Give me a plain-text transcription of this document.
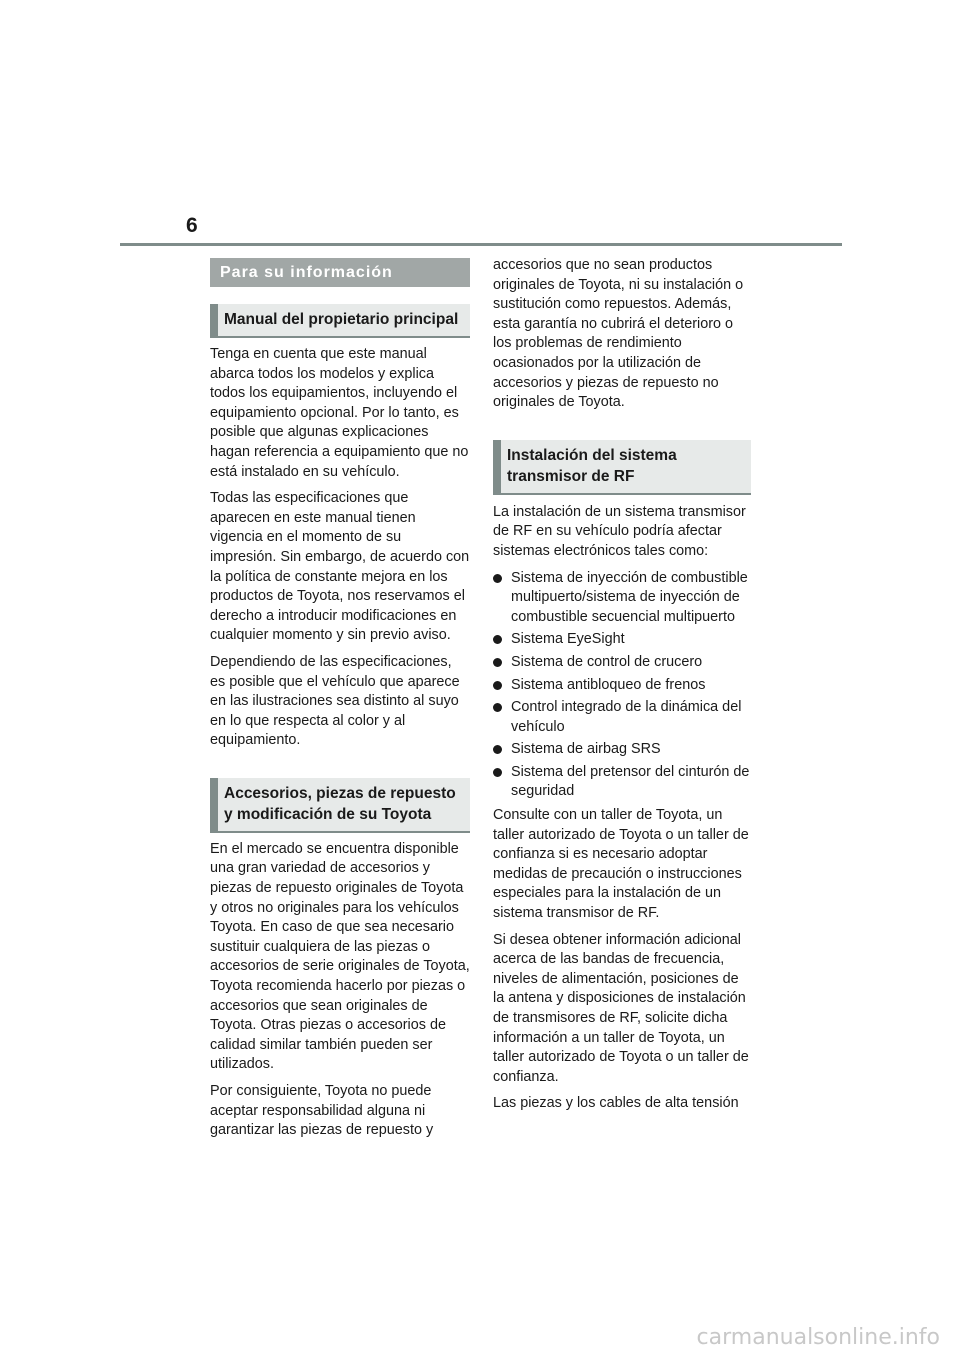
6
Para su información
Manual del propietario principal

Tenga en cuenta que este manual abarca todos los modelos y explica todos los equipamientos, incluyendo el equipamiento opcional. Por lo tanto, es posible que algunas explicaciones hagan referencia a equipamiento que no está instalado en su vehículo.

Todas las especificaciones que aparecen en este manual tienen vigencia en el momento de su impresión. Sin embargo, de acuerdo con la política de constante mejora en los productos de Toyota, nos reservamos el derecho a introducir modificaciones en cualquier momento y sin previo aviso.

Dependiendo de las especificaciones, es posible que el vehículo que aparece en las ilustraciones sea distinto al suyo en lo que respecta al color y al equipamiento.

Accesorios, piezas de repuesto y modificación de su Toyota

En el mercado se encuentra disponible una gran variedad de accesorios y piezas de repuesto originales de Toyota y otros no originales para los vehículos Toyota. En caso de que sea necesario sustituir cualquiera de las piezas o accesorios de serie originales de Toyota, Toyota recomienda hacerlo por piezas o accesorios que sean originales de Toyota. Otras piezas o accesorios de calidad similar también pueden ser utilizados.

Por consiguiente, Toyota no puede aceptar responsabilidad alguna ni garantizar las piezas de repuesto y

accesorios que no sean productos originales de Toyota, ni su instalación o sustitución como repuestos. Además, esta garantía no cubrirá el deterioro o los problemas de rendimiento ocasionados por la utilización de accesorios y piezas de repuesto no originales de Toyota.

Instalación del sistema transmisor de RF

La instalación de un sistema transmisor de RF en su vehículo podría afectar sistemas electrónicos tales como:

Sistema de inyección de combustible multipuerto/sistema de inyección de combustible secuencial multipuerto
Sistema EyeSight
Sistema de control de crucero
Sistema antibloqueo de frenos
Control integrado de la dinámica del vehículo
Sistema de airbag SRS
Sistema del pretensor del cinturón de seguridad

Consulte con un taller de Toyota, un taller autorizado de Toyota o un taller de confianza si es necesario adoptar medidas de precaución o instrucciones especiales para la instalación de un sistema transmisor de RF.

Si desea obtener información adicional acerca de las bandas de frecuencia, niveles de alimentación, posiciones de la antena y disposiciones de instalación de transmisores de RF, solicite dicha información a un taller de Toyota, un taller autorizado de Toyota o un taller de confianza.

Las piezas y los cables de alta tensión

carmanualsonline.info
